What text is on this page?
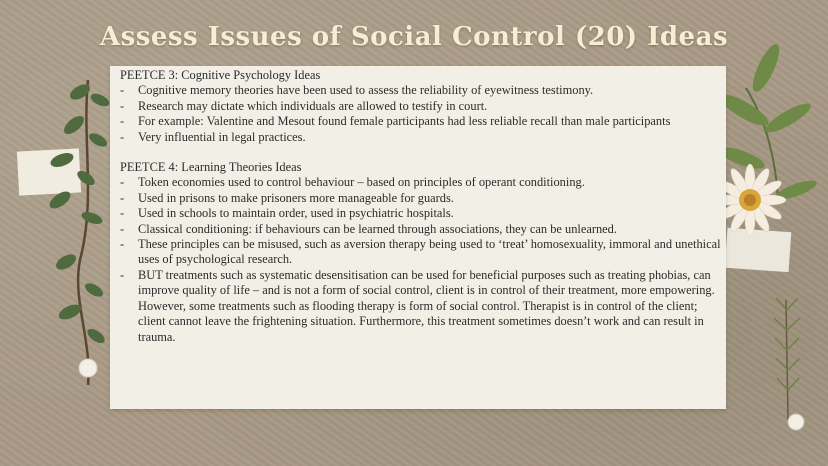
Assess Issues of Social Control (20) Ideas

PEETCE 3: Cognitive Psychology Ideas

-	Cognitive memory theories have been used to assess the reliability of eyewitness testimony.
-	Research may dictate which individuals are allowed to testify in court.
-	For example: Valentine and Mesout found female participants had less reliable recall than male participants
-	Very influential in legal practices.

PEETCE 4: Learning Theories Ideas

-	Token economies used to control behaviour – based on principles of operant conditioning.
-	Used in prisons to make prisoners more manageable for guards.
-	Used in schools to maintain order, used in psychiatric hospitals.
-	Classical conditioning: if behaviours can be learned through associations, they can be unlearned.
-	These principles can be misused, such as aversion therapy being used to ‘treat’ homosexuality, immoral and unethical uses of psychological research.
-	BUT treatments such as systematic desensitisation can be used for beneficial purposes such as treating phobias, can improve quality of life – and is not a form of social control, client is in control of their treatment, more empowering.

However, some treatments such as flooding therapy is form of social control. Therapist is in control of the client; client cannot leave the frightening situation. Furthermore, this treatment sometimes doesn’t work and can result in trauma.
